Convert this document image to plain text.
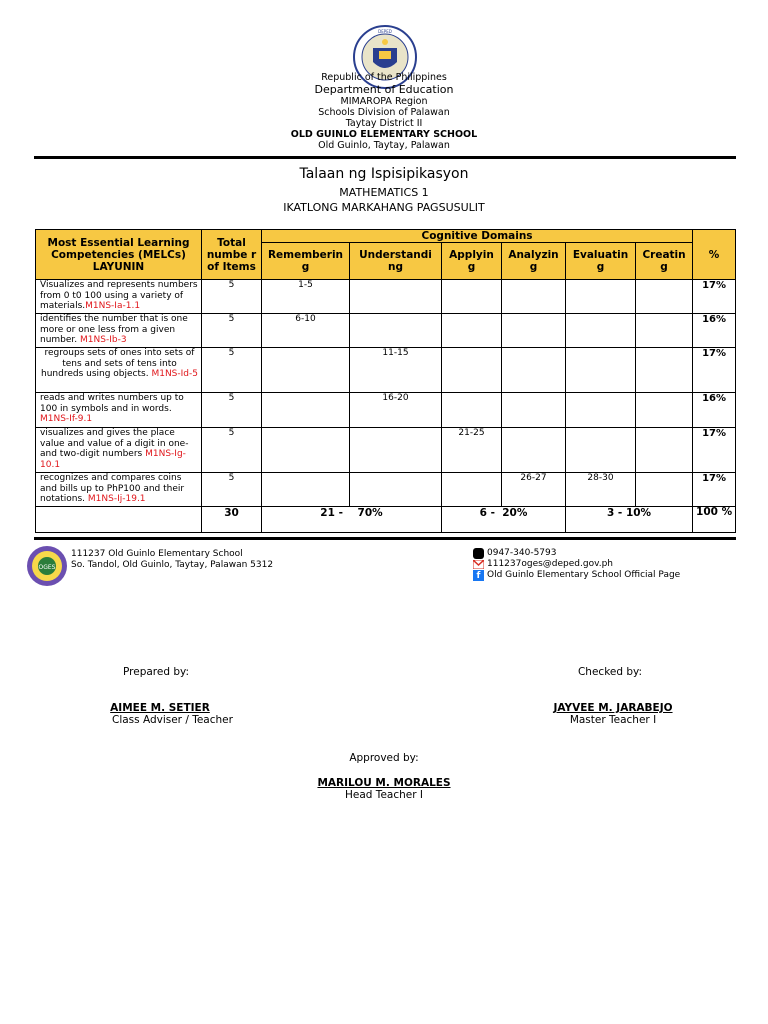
DEPED
Republic of the Philippines
Department of Education
MIMAROPA Region
Schools Division of Palawan
Taytay District II
OLD GUINLO ELEMENTARY SCHOOL
Old Guinlo, Taytay, Palawan
Talaan ng Ispisipikasyon
MATHEMATICS 1
IKATLONG MARKAHANG PAGSUSULIT
Most Essential Learning Competencies (MELCs) LAYUNIN	Total numbe r of Items	Cognitive Domains						%
		Rememberin g	Understandi ng	Applyin g	Analyzin g	Evaluatin g	Creatin g	
Visualizes and represents numbers from 0 t0 100 using a variety of materials.M1NS-Ia-1.1	5	1-5						17%
identifies the number that is one more or one less from a given number. M1NS-Ib-3	5	6-10						16%
regroups sets of ones into sets of tens and sets of tens into hundreds using objects. M1NS-Id-5	5		11-15					17%
reads and writes numbers up to 100 in symbols and in words. M1NS-If-9.1	5		16-20					16%
visualizes and gives the place value and value of a digit in one- and two-digit numbers M1NS-Ig-10.1	5			21-25				17%
recognizes and compares coins and bills up to PhP100 and their notations. M1NS-Ij-19.1	5				26-27	28-30		17%
	30	21 -    70%		6 -  20%		3 - 10%		100 %
OGES
111237 Old Guinlo Elementary School
So. Tandol, Old Guinlo, Taytay, Palawan 5312
0947-340-5793
111237oges@deped.gov.ph
f Old Guinlo Elementary School Official Page
Prepared by:	Checked by:
AIMEE M. SETIER
Class Adviser / Teacher
JAYVEE M. JARABEJO
Master Teacher I
Approved by:
MARILOU M. MORALES
Head Teacher I
